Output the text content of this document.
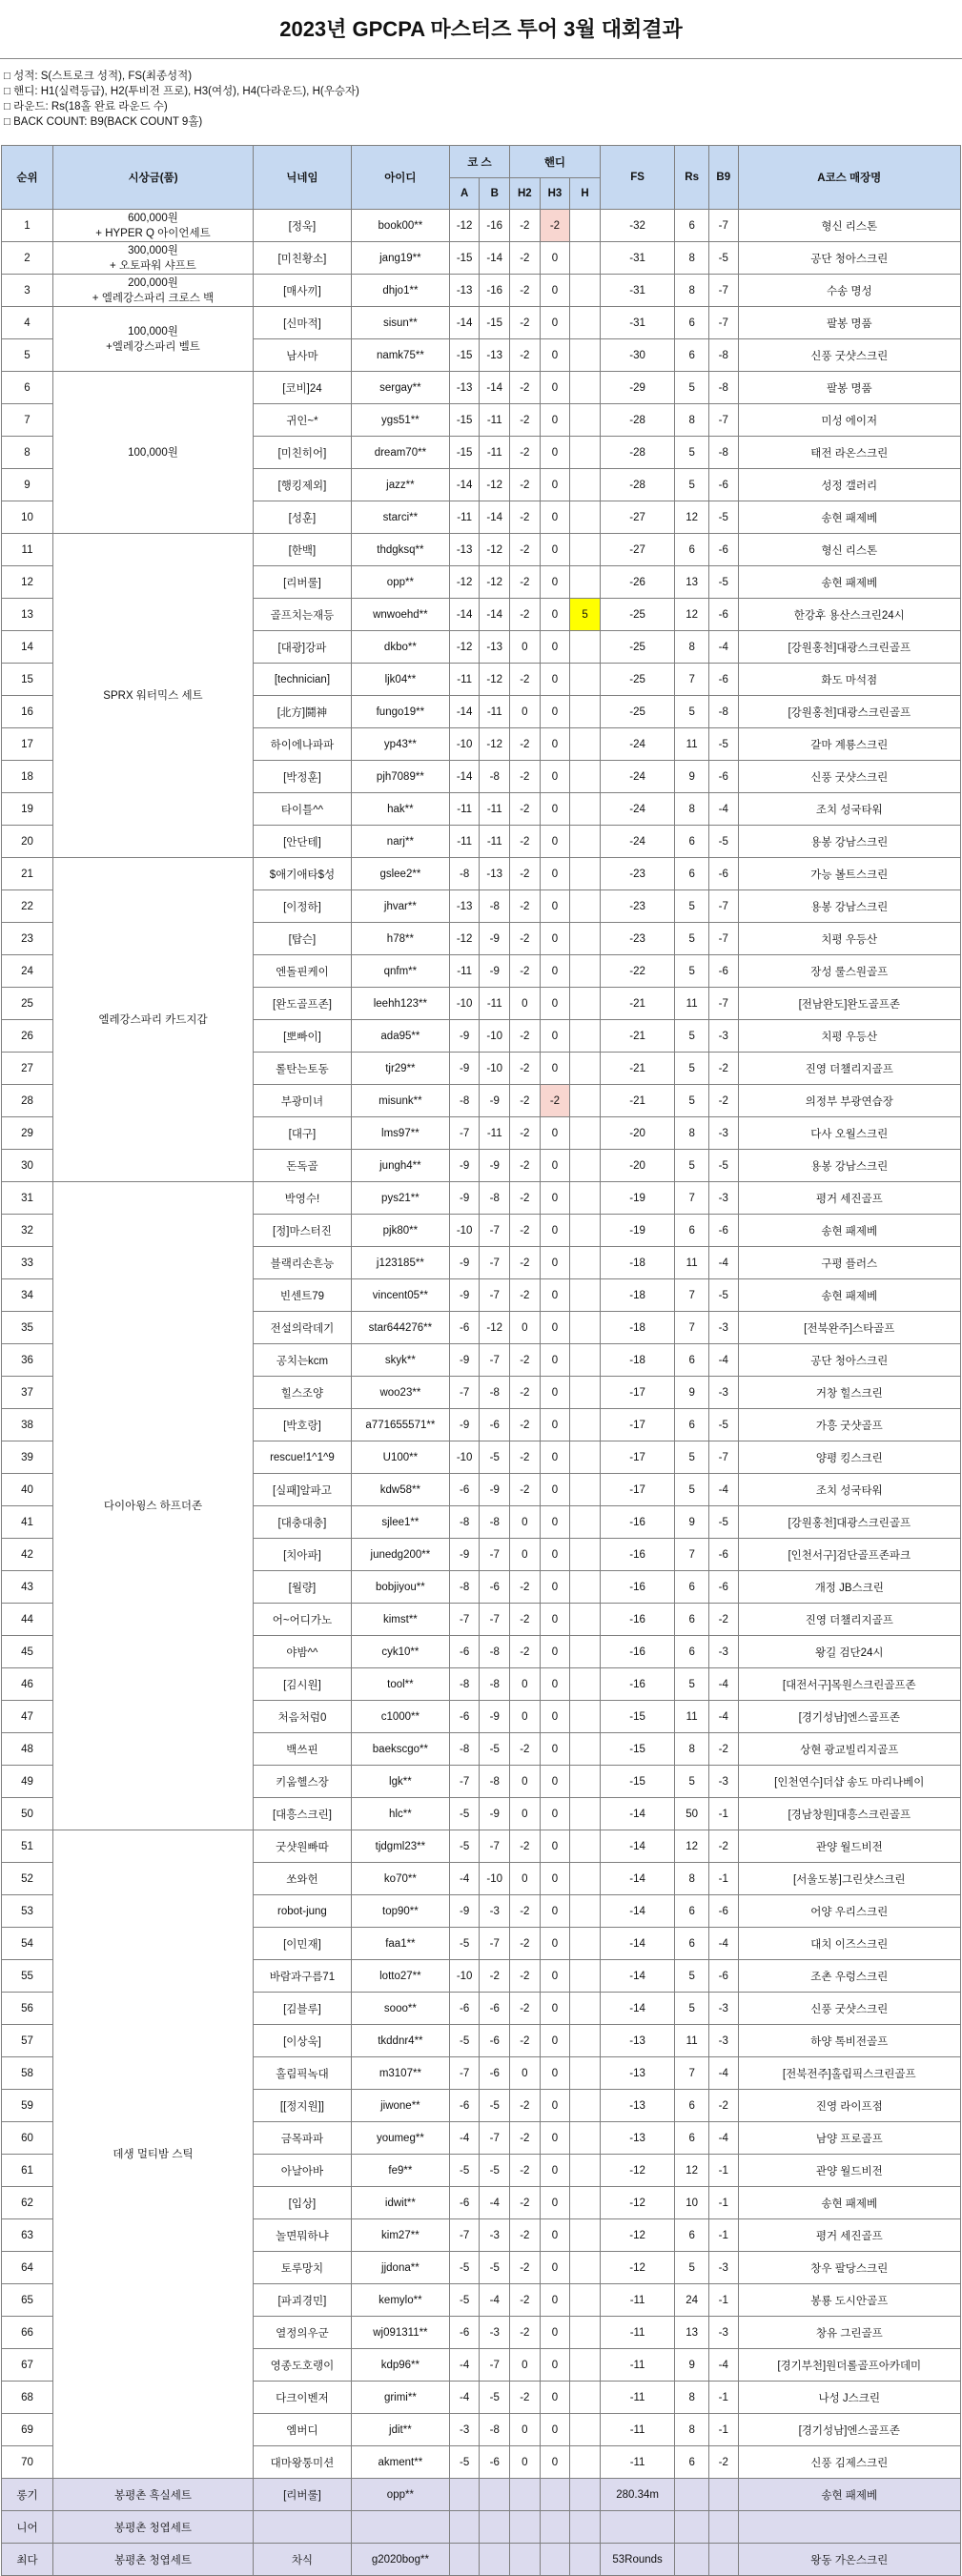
2023년 GPCPA 마스터즈 투어 3월 대회결과
□ 성적: S(스트로크 성적), FS(최종성적)
□ 핸디: H1(실력등급), H2(투비전 프로), H3(여성), H4(다라운드), H(우승자)
□ 라운드: Rs(18홀 완료 라운드 수)
□ BACK COUNT: B9(BACK COUNT 9홀)
순위	시상금(품)	닉네임	아이디	코 스		핸디			FS	Rs	B9	A코스 매장명
				A	B	H2	H3	H				
1	600,000원
+ HYPER Q 아이언세트	[정욱]	book00**	-12	-16	-2	-2		-32	6	-7	형신 리스톤
2	300,000원
+ 오토파워 샤프트	[미친황소]	jang19**	-15	-14	-2	0		-31	8	-5	공단 청아스크린
3	200,000원
+ 엘레강스파리 크로스 백	[매사끼]	dhjo1**	-13	-16	-2	0		-31	8	-7	수송 명성
4	100,000원
+엘레강스파리 벨트	[신마적]	sisun**	-14	-15	-2	0		-31	6	-7	팔봉 명품
5		남사마	namk75**	-15	-13	-2	0		-30	6	-8	신풍 굿샷스크린
6	100,000원	[코비]24	sergay**	-13	-14	-2	0		-29	5	-8	팔봉 명품
7		귀인~*	ygs51**	-15	-11	-2	0		-28	8	-7	미성 에이저
8		[미친히어]	dream70**	-15	-11	-2	0		-28	5	-8	태전 라온스크린
9		[행킹제외]	jazz**	-14	-12	-2	0		-28	5	-6	성정 갤러리
10		[성훈]	starci**	-11	-14	-2	0		-27	12	-5	송현 패제베
11	SPRX 워터믹스 세트	[한백]	thdgksq**	-13	-12	-2	0		-27	6	-6	형신 리스톤
12		[리버룰]	opp**	-12	-12	-2	0		-26	13	-5	송현 패제베
13		골프치는재등	wnwoehd**	-14	-14	-2	0	5	-25	12	-6	한강후 용산스크린24시
14		[대광]강파	dkbo**	-12	-13	0	0		-25	8	-4	[강원홍천]대광스크린골프
15		[technician]	ljk04**	-11	-12	-2	0		-25	7	-6	화도 마석점
16		[北方]鬪神	fungo19**	-14	-11	0	0		-25	5	-8	[강원홍천]대광스크린골프
17		하이에나파파	yp43**	-10	-12	-2	0		-24	11	-5	갈마 계룡스크린
18		[박정훈]	pjh7089**	-14	-8	-2	0		-24	9	-6	신풍 굿샷스크린
19		타이틀^^	hak**	-11	-11	-2	0		-24	8	-4	조치 성국타워
20		[안단테]	narj**	-11	-11	-2	0		-24	6	-5	용봉 강남스크린
21	엘레강스파리 카드지갑	$애기애타$성	gslee2**	-8	-13	-2	0		-23	6	-6	가능 볼트스크린
22		[이정하]	jhvar**	-13	-8	-2	0		-23	5	-7	용봉 강남스크린
23		[탑슨]	h78**	-12	-9	-2	0		-23	5	-7	치평 우등산
24		엔돌핀케이	qnfm**	-11	-9	-2	0		-22	5	-6	장성 룰스원골프
25		[완도골프존]	leehh123**	-10	-11	0	0		-21	11	-7	[전남완도]완도골프존
26		[뽀빠이]	ada95**	-9	-10	-2	0		-21	5	-3	치평 우등산
27		롤탄는토동	tjr29**	-9	-10	-2	0		-21	5	-2	진영 더챌리지골프
28		부광미녀	misunk**	-8	-9	-2	-2		-21	5	-2	의정부 부광연습장
29		[대구]	lms97**	-7	-11	-2	0		-20	8	-3	다사 오월스크린
30		돈독골	jungh4**	-9	-9	-2	0		-20	5	-5	용봉 강남스크린
31	다이아윙스 하프더존	박영수!	pys21**	-9	-8	-2	0		-19	7	-3	평거 세진골프
32		[정]마스터진	pjk80**	-10	-7	-2	0		-19	6	-6	송현 패제베
33		블랙리손흔능	j123185**	-9	-7	-2	0		-18	11	-4	구평 플러스
34		빈센트79	vincent05**	-9	-7	-2	0		-18	7	-5	송현 패제베
35		전설의락데기	star644276**	-6	-12	0	0		-18	7	-3	[전북완주]스타골프
36		공치는kcm	skyk**	-9	-7	-2	0		-18	6	-4	공단 청아스크린
37		힐스조양	woo23**	-7	-8	-2	0		-17	9	-3	거창 힐스크린
38		[박호랑]	a771655571**	-9	-6	-2	0		-17	6	-5	가흥 굿샷골프
39		rescue!1^1^9	U100**	-10	-5	-2	0		-17	5	-7	양평 킹스크린
40		[실패]알파고	kdw58**	-6	-9	-2	0		-17	5	-4	조치 성국타워
41		[대충대충]	sjlee1**	-8	-8	0	0		-16	9	-5	[강원홍천]대광스크린골프
42		[치아파]	junedg200**	-9	-7	0	0		-16	7	-6	[인천서구]검단골프존파크
43		[월량]	bobjiyou**	-8	-6	-2	0		-16	6	-6	개정 JB스크린
44		어~어디가노	kimst**	-7	-7	-2	0		-16	6	-2	진영 더챌리지골프
45		야밤^^	cyk10**	-6	-8	-2	0		-16	6	-3	왕길 검단24시
46		[김시원]	tool**	-8	-8	0	0		-16	5	-4	[대전서구]목원스크린골프존
47		처음처럼0	c1000**	-6	-9	0	0		-15	11	-4	[경기성남]엔스골프존
48		백쓰핀	baekscgo**	-8	-5	-2	0		-15	8	-2	상현 광교빌리지골프
49		키움헬스장	lgk**	-7	-8	0	0		-15	5	-3	[인천연수]더샵 송도 마리나베이
50		[대흥스크린]	hlc**	-5	-9	0	0		-14	50	-1	[경남창원]대흥스크린골프
51	데생 멀티밤 스틱	굿샷원빠따	tjdgml23**	-5	-7	-2	0		-14	12	-2	관양 월드비전
52		쏘와헌	ko70**	-4	-10	0	0		-14	8	-1	[서울도봉]그린샷스크린
53		robot-jung	top90**	-9	-3	-2	0		-14	6	-6	어양 우리스크린
54		[이민재]	faa1**	-5	-7	-2	0		-14	6	-4	대치 이즈스크린
55		바람과구름71	lotto27**	-10	-2	-2	0		-14	5	-6	조촌 우렁스크린
56		[김블루]	sooo**	-6	-6	-2	0		-14	5	-3	신풍 굿샷스크린
57		[이상욱]	tkddnr4**	-5	-6	-2	0		-13	11	-3	하양 톡비전골프
58		홀림픽녹대	m3107**	-7	-6	0	0		-13	7	-4	[전북전주]홀림픽스크린골프
59		[[정지원]]	jiwone**	-6	-5	-2	0		-13	6	-2	진영 라이프점
60		금목파파	youmeg**	-4	-7	-2	0		-13	6	-4	남양 프로골프
61		아날아바	fe9**	-5	-5	-2	0		-12	12	-1	관양 월드비전
62		[입상]	idwit**	-6	-4	-2	0		-12	10	-1	송현 패제베
63		놀면뭐하냐	kim27**	-7	-3	-2	0		-12	6	-1	평거 세진골프
64		토루망치	jjdona**	-5	-5	-2	0		-12	5	-3	창우 팔당스크린
65		[파괴경민]	kemylo**	-5	-4	-2	0		-11	24	-1	봉룡 도시안골프
66		열정의우군	wj091311**	-6	-3	-2	0		-11	13	-3	창유 그린골프
67		영종도호랭이	kdp96**	-4	-7	0	0		-11	9	-4	[경기부천]원더롤골프아카데미
68		다크이벤저	grimi**	-4	-5	-2	0		-11	8	-1	나성 J스크린
69		엠버디	jdit**	-3	-8	0	0		-11	8	-1	[경기성남]엔스골프존
70		대마왕통미션	akment**	-5	-6	0	0		-11	6	-2	신풍 김제스크린
롱기	봉평촌 흑실세트	[리버룰]	opp**						280.34m			송현 패제베
니어	봉평촌 청엽세트											
최다	봉평촌 청엽세트	차식	g2020bog**						53Rounds			왕동 가온스크린
